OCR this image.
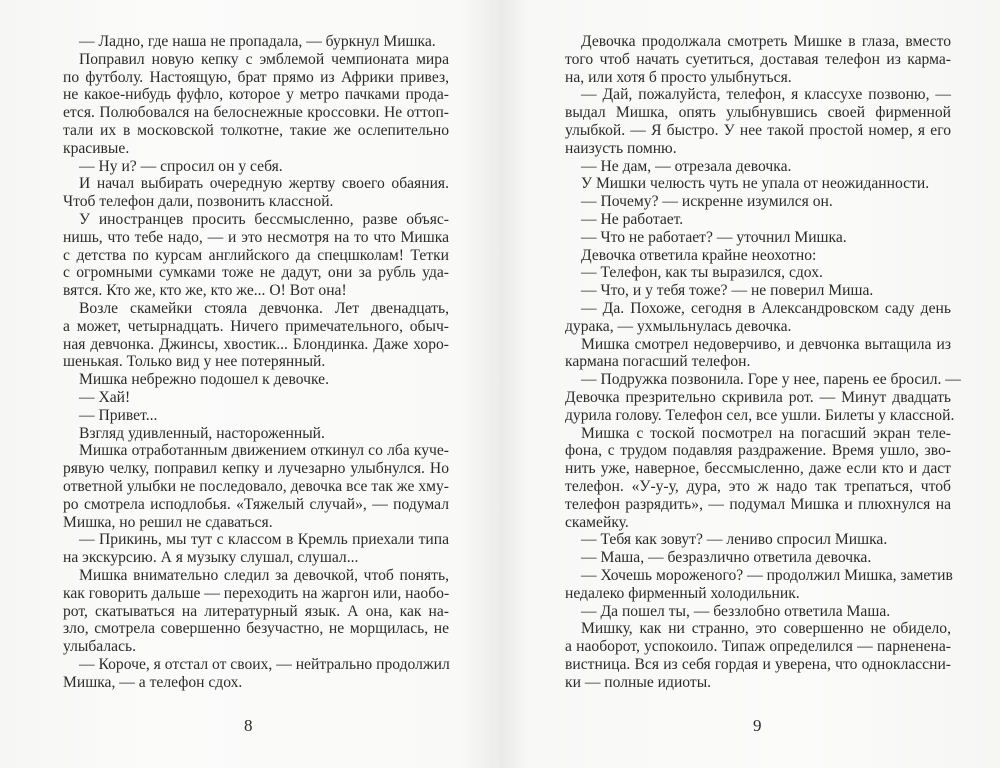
— Ладно, где наша не пропадала, — буркнул Мишка.
Поправил новую кепку с эмблемой чемпионата мира
по футболу. Настоящую, брат прямо из Африки привез,
не какое-нибудь фуфло, которое у метро пачками прода-
ется. Полюбовался на белоснежные кроссовки. Не оттоп-
тали их в московской толкотне, такие же ослепительно
красивые.
— Ну и? — спросил он у себя.
И начал выбирать очередную жертву своего обаяния.
Чтоб телефон дали, позвонить классной.
У иностранцев просить бессмысленно, разве объяс-
нишь, что тебе надо, — и это несмотря на то что Мишка
с детства по курсам английского да спецшколам! Тетки
с огромными сумками тоже не дадут, они за рубль уда-
вятся. Кто же, кто же, кто же... О! Вот она!
Возле скамейки стояла девчонка. Лет двенадцать,
а может, четырнадцать. Ничего примечательного, обыч-
ная девчонка. Джинсы, хвостик... Блондинка. Даже хоро-
шенькая. Только вид у нее потерянный.
Мишка небрежно подошел к девочке.
— Хай!
— Привет...
Взгляд удивленный, настороженный.
Мишка отработанным движением откинул со лба куче-
рявую челку, поправил кепку и лучезарно улыбнулся. Но
ответной улыбки не последовало, девочка все так же хму-
ро смотрела исподлобья. «Тяжелый случай», — подумал
Мишка, но решил не сдаваться.
— Прикинь, мы тут с классом в Кремль приехали типа
на экскурсию. А я музыку слушал, слушал...
Мишка внимательно следил за девочкой, чтоб понять,
как говорить дальше — переходить на жаргон или, наобо-
рот, скатываться на литературный язык. А она, как на-
зло, смотрела совершенно безучастно, не морщилась, не
улыбалась.
— Короче, я отстал от своих, — нейтрально продолжил
Мишка, — а телефон сдох.
8
Девочка продолжала смотреть Мишке в глаза, вместо
того чтоб начать суетиться, доставая телефон из карма-
на, или хотя б просто улыбнуться.
— Дай, пожалуйста, телефон, я классухе позвоню, —
выдал Мишка, опять улыбнувшись своей фирменной
улыбкой. — Я быстро. У нее такой простой номер, я его
наизусть помню.
— Не дам, — отрезала девочка.
У Мишки челюсть чуть не упала от неожиданности.
— Почему? — искренне изумился он.
— Не работает.
— Что не работает? — уточнил Мишка.
Девочка ответила крайне неохотно:
— Телефон, как ты выразился, сдох.
— Что, и у тебя тоже? — не поверил Миша.
— Да. Похоже, сегодня в Александровском саду день
дурака, — ухмыльнулась девочка.
Мишка смотрел недоверчиво, и девчонка вытащила из
кармана погасший телефон.
— Подружка позвонила. Горе у нее, парень ее бросил. —
Девочка презрительно скривила рот. — Минут двадцать
дурила голову. Телефон сел, все ушли. Билеты у классной.
Мишка с тоской посмотрел на погасший экран теле-
фона, с трудом подавляя раздражение. Время ушло, зво-
нить уже, наверное, бессмысленно, даже если кто и даст
телефон. «У-у-у, дура, это ж надо так трепаться, чтоб
телефон разрядить», — подумал Мишка и плюхнулся на
скамейку.
— Тебя как зовут? — лениво спросил Мишка.
— Маша, — безразлично ответила девочка.
— Хочешь мороженого? — продолжил Мишка, заметив
недалеко фирменный холодильник.
— Да пошел ты, — беззлобно ответила Маша.
Мишку, как ни странно, это совершенно не обидело,
а наоборот, успокоило. Типаж определился — парненена-
вистница. Вся из себя гордая и уверена, что одноклассни-
ки — полные идиоты.
9
